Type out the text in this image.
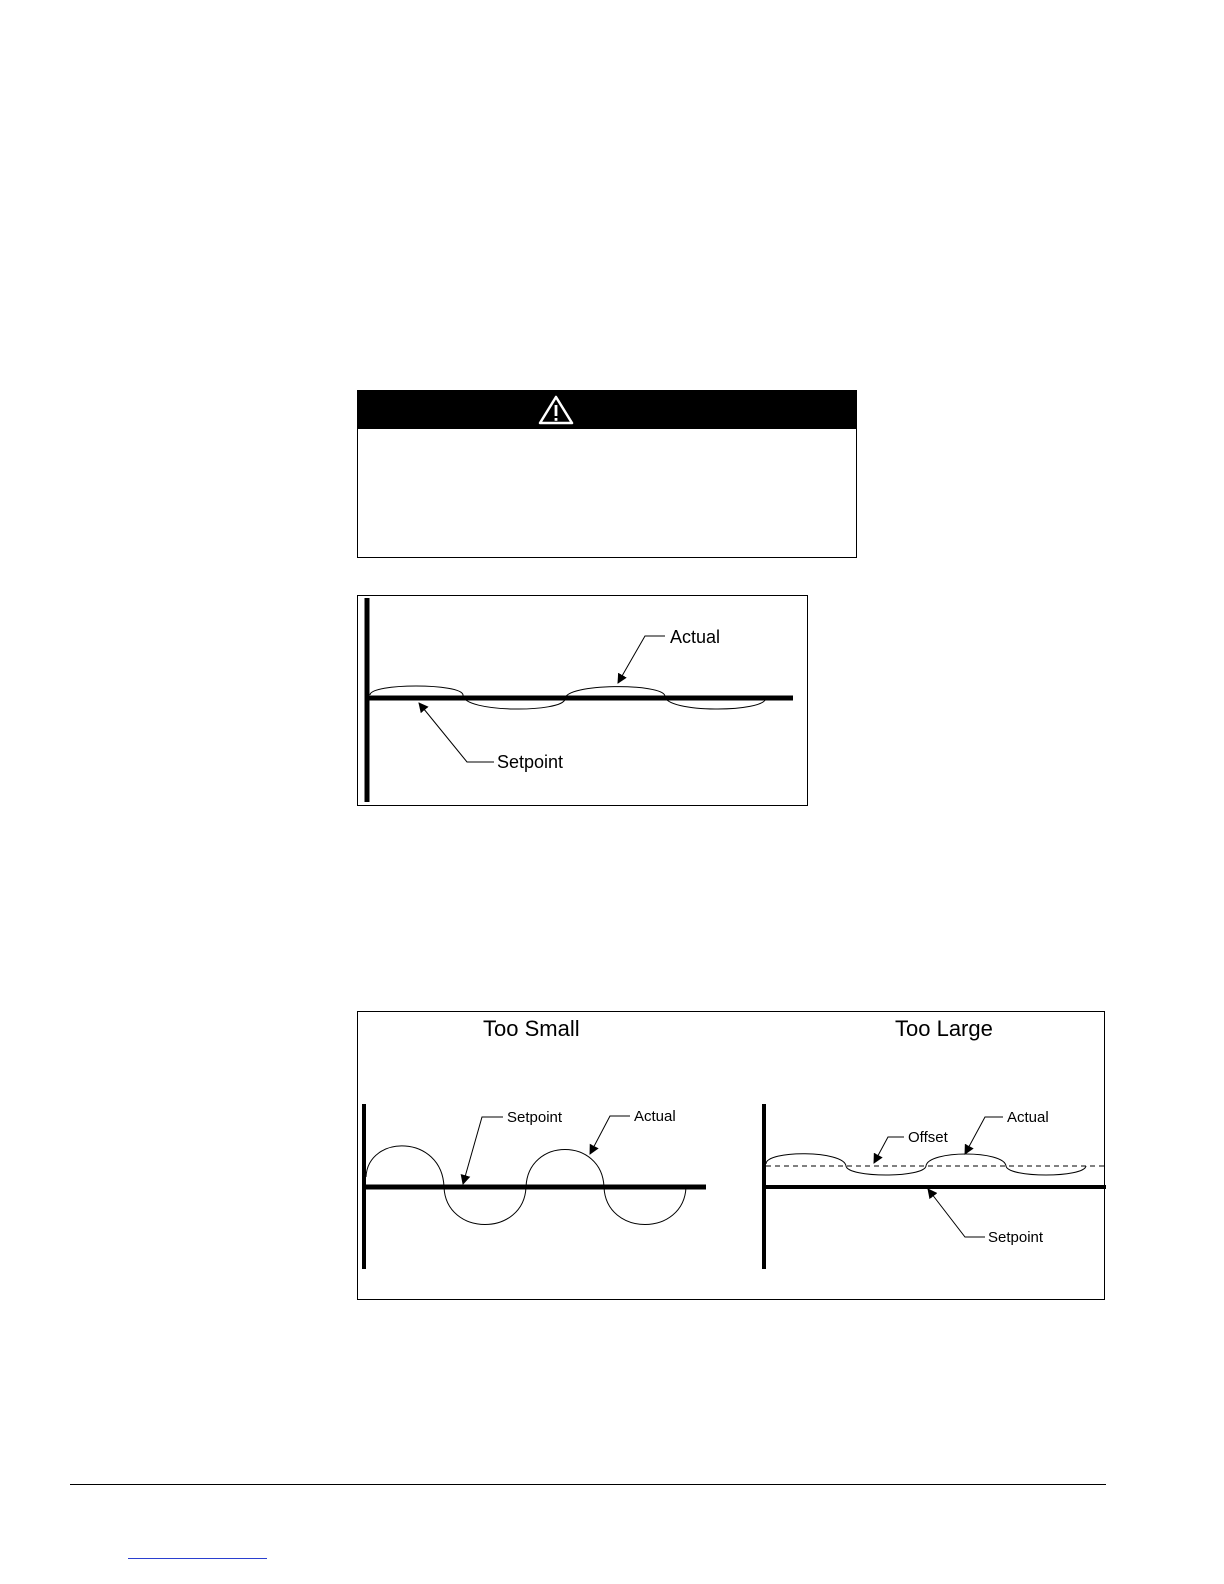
Actual
Setpoint
Too Small	Too Large
Setpoint	Actual
Offset
Actual
Setpoint
